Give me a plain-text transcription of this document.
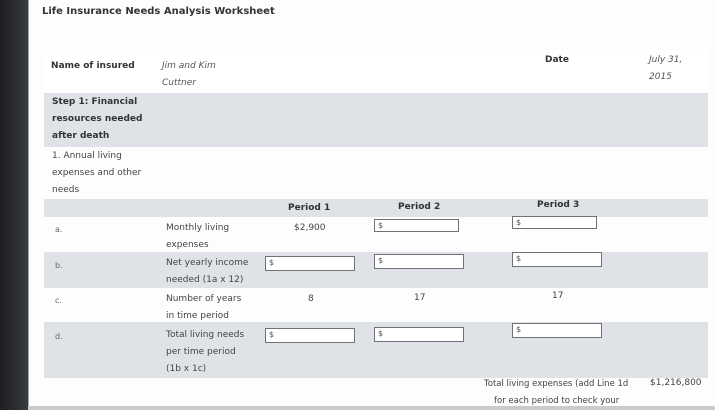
Life Insurance Needs Analysis Worksheet
Name of insured	Jim and Kim
Cuttner
Date	July 31,
2015
Step 1: Financial
resources needed
after death
1. Annual living
expenses and other
needs
Period 1	Period 2	Period 3
a.	Monthly living
expenses
$2,900	$	$
b.	Net yearly income
needed (1a x 12)
$	$	$
c.	Number of years
in time period
8	17	17
d.	Total living needs
per time period
(1b x 1c)
$	$	$
Total living expenses (add Line 1d
for each period to check your
$1,216,800
